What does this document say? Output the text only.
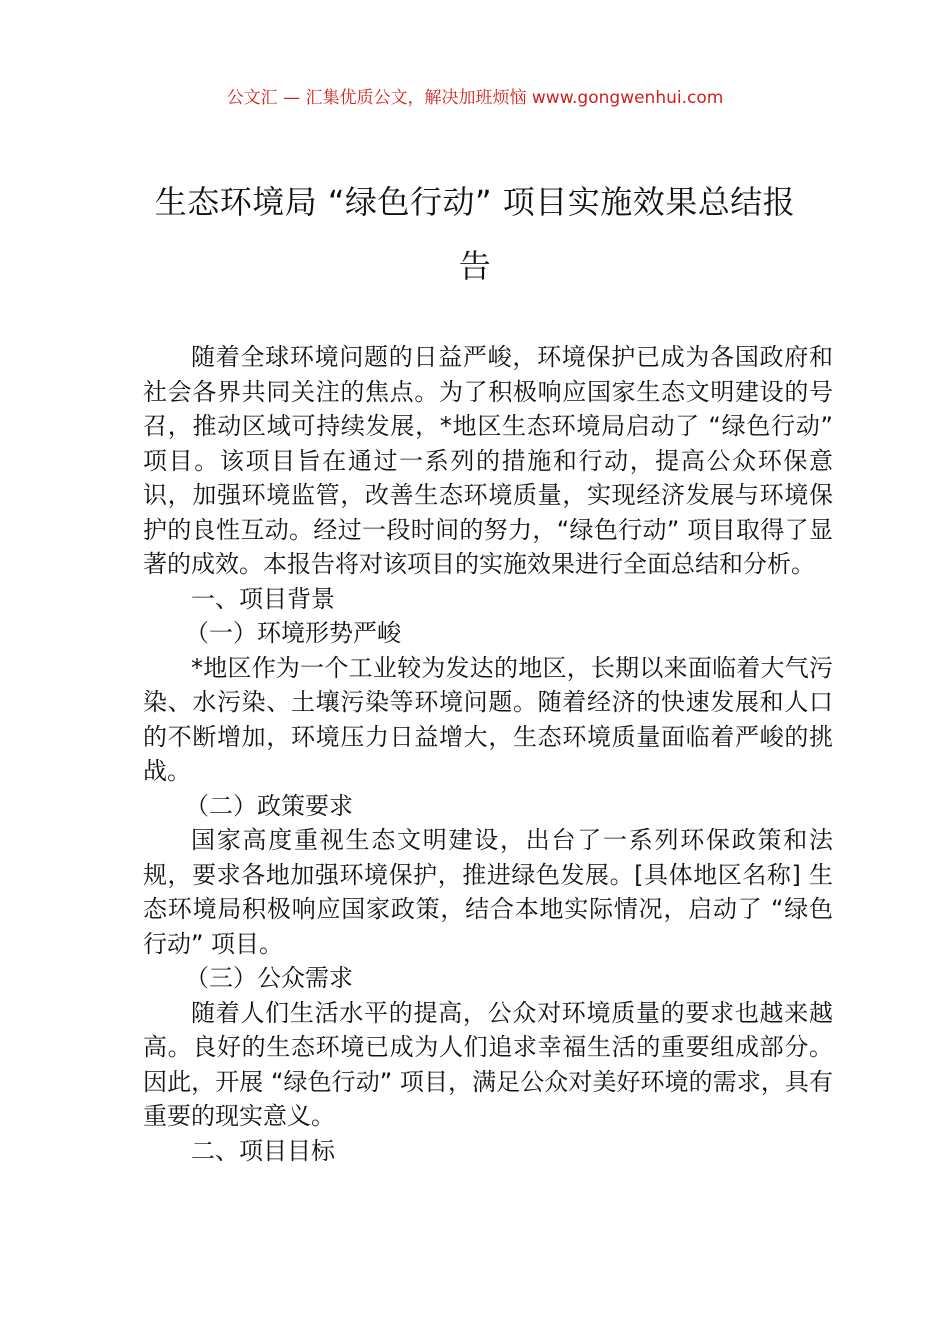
公文汇 — 汇集优质公文，解决加班烦恼 www.gongwenhui.com
生态环境局 “绿色行动” 项目实施效果总结报告

随着全球环境问题的日益严峻，环境保护已成为各国政府和社会各界共同关注的焦点。为了积极响应国家生态文明建设的号召，推动区域可持续发展，*地区生态环境局启动了 “绿色行动” 项目。该项目旨在通过一系列的措施和行动，提高公众环保意识，加强环境监管，改善生态环境质量，实现经济发展与环境保护的良性互动。经过一段时间的努力，“绿色行动” 项目取得了显著的成效。本报告将对该项目的实施效果进行全面总结和分析。

一、项目背景

（一）环境形势严峻

*地区作为一个工业较为发达的地区，长期以来面临着大气污染、水污染、土壤污染等环境问题。随着经济的快速发展和人口的不断增加，环境压力日益增大，生态环境质量面临着严峻的挑战。

（二）政策要求

国家高度重视生态文明建设，出台了一系列环保政策和法规，要求各地加强环境保护，推进绿色发展。[具体地区名称] 生态环境局积极响应国家政策，结合本地实际情况，启动了 “绿色行动” 项目。

（三）公众需求

随着人们生活水平的提高，公众对环境质量的要求也越来越高。良好的生态环境已成为人们追求幸福生活的重要组成部分。因此，开展 “绿色行动” 项目，满足公众对美好环境的需求，具有重要的现实意义。

二、项目目标
